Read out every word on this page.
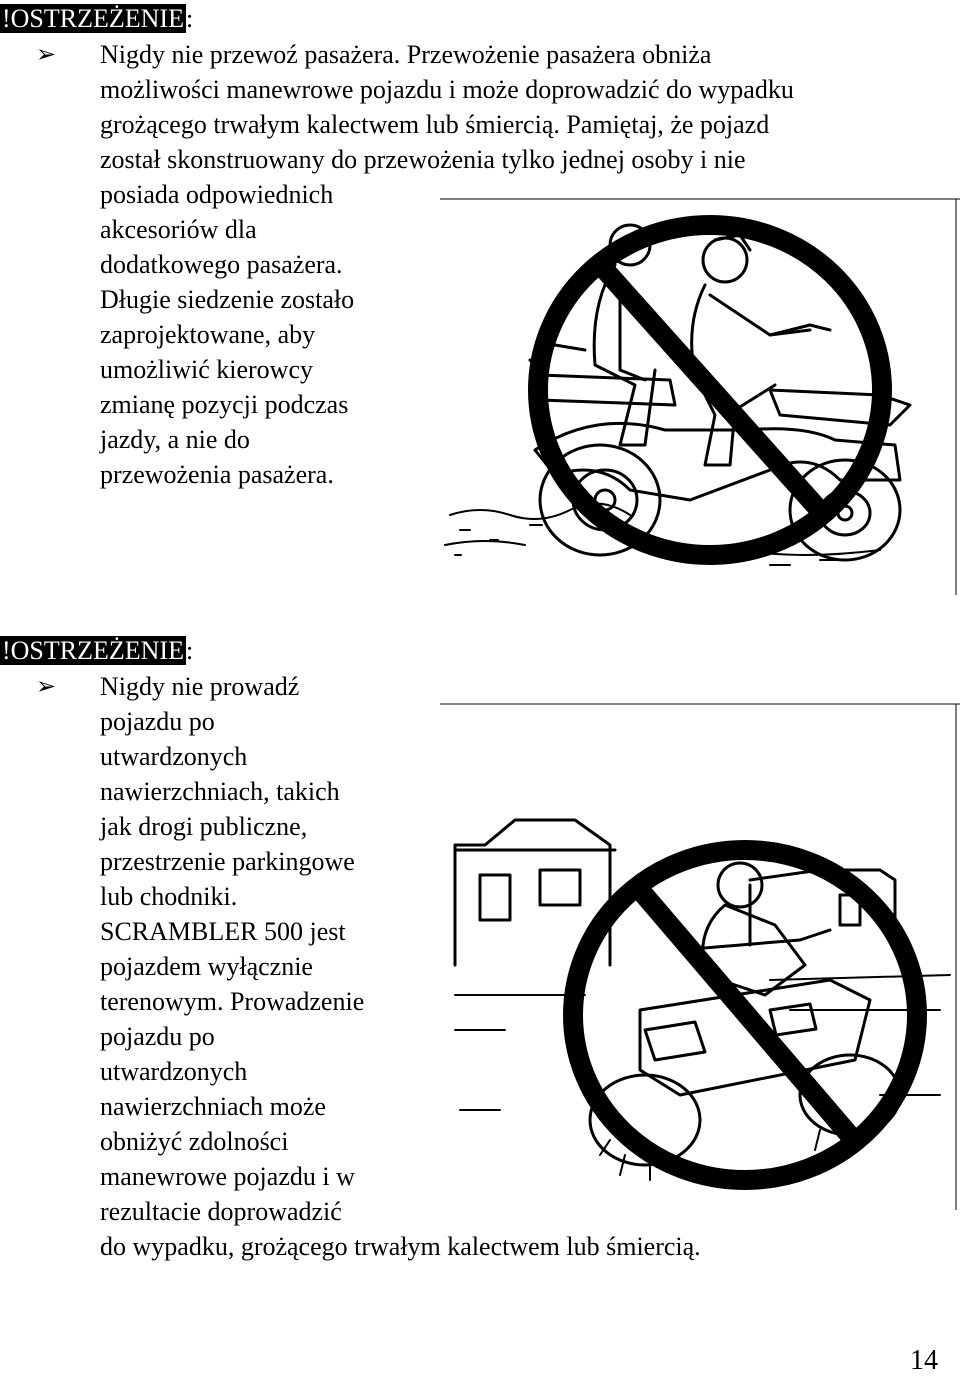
!OSTRZEŻENIE:
➢ Nigdy nie przewoź pasażera. Przewożenie pasażera obniża
możliwości manewrowe pojazdu i może doprowadzić do wypadku
grożącego trwałym kalectwem lub śmiercią. Pamiętaj, że pojazd
został skonstruowany do przewożenia tylko jednej osoby i nie
posiada odpowiednich
akcesoriów dla
dodatkowego pasażera.
Długie siedzenie zostało
zaprojektowane, aby
umożliwić kierowcy
zmianę pozycji podczas
jazdy, a nie do
przewożenia pasażera.
!OSTRZEŻENIE:
➢ Nigdy nie prowadź
pojazdu po
utwardzonych
nawierzchniach, takich
jak drogi publiczne,
przestrzenie parkingowe
lub chodniki.
SCRAMBLER 500 jest
pojazdem wyłącznie
terenowym. Prowadzenie
pojazdu po
utwardzonych
nawierzchniach może
obniżyć zdolności
manewrowe pojazdu i w
rezultacie doprowadzić
do wypadku, grożącego trwałym kalectwem lub śmiercią.
14
